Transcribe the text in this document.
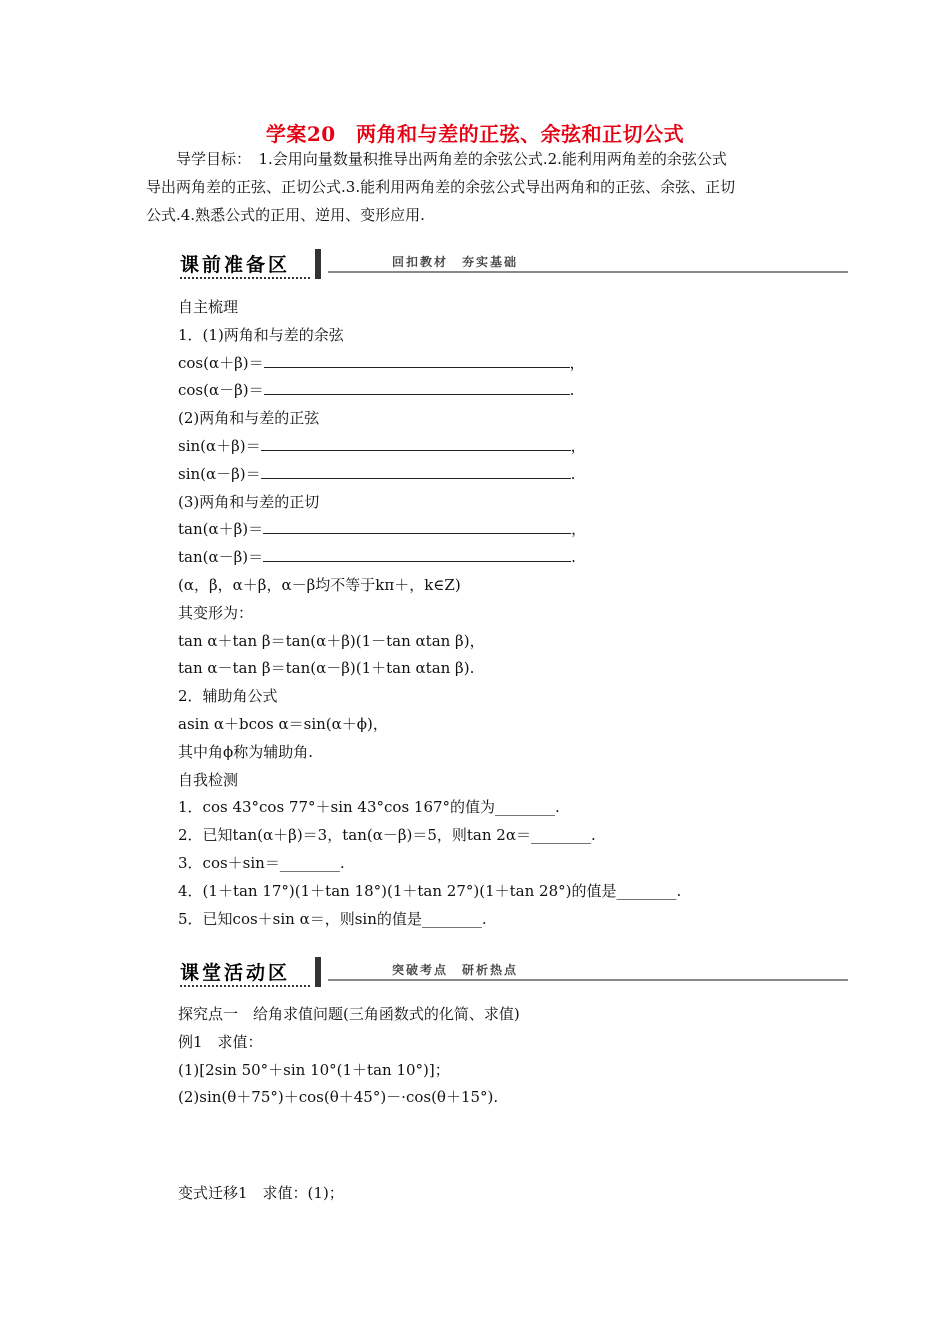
学案20　两角和与差的正弦、余弦和正切公式
导学目标：　1.会用向量数量积推导出两角差的余弦公式.2.能利用两角差的余弦公式
导出两角差的正弦、正切公式.3.能利用两角差的余弦公式导出两角和的正弦、余弦、正切
公式.4.熟悉公式的正用、逆用、变形应用.
课前准备区	回扣教材　夯实基础
自主梳理
1．(1)两角和与差的余弦
cos(α＋β)＝	，
cos(α－β)＝	.
(2)两角和与差的正弦
sin(α＋β)＝	，
sin(α－β)＝	.
(3)两角和与差的正切
tan(α＋β)＝	，
tan(α－β)＝	.
(α，β，α＋β，α－β均不等于kπ＋，k∈Z)
其变形为：
tan α＋tan β＝tan(α＋β)(1－tan αtan β)，
tan α－tan β＝tan(α－β)(1＋tan αtan β).
2．辅助角公式
asin α＋bcos α＝sin(α＋ϕ)，
其中角ϕ称为辅助角.
自我检测
1．cos 43°cos 77°＋sin 43°cos 167°的值为________.
2．已知tan(α＋β)＝3，tan(α－β)＝5，则tan 2α＝________.
3．cos＋sin＝________.
4．(1＋tan 17°)(1＋tan 18°)(1＋tan 27°)(1＋tan 28°)的值是________.
5．已知cos＋sin α＝，则sin的值是________.
课堂活动区	突破考点　研析热点
探究点一　给角求值问题(三角函数式的化简、求值)
例1　求值：
(1)[2sin 50°＋sin 10°(1＋tan 10°)]；
(2)sin(θ＋75°)＋cos(θ＋45°)－·cos(θ＋15°).
变式迁移1　求值：(1)；
